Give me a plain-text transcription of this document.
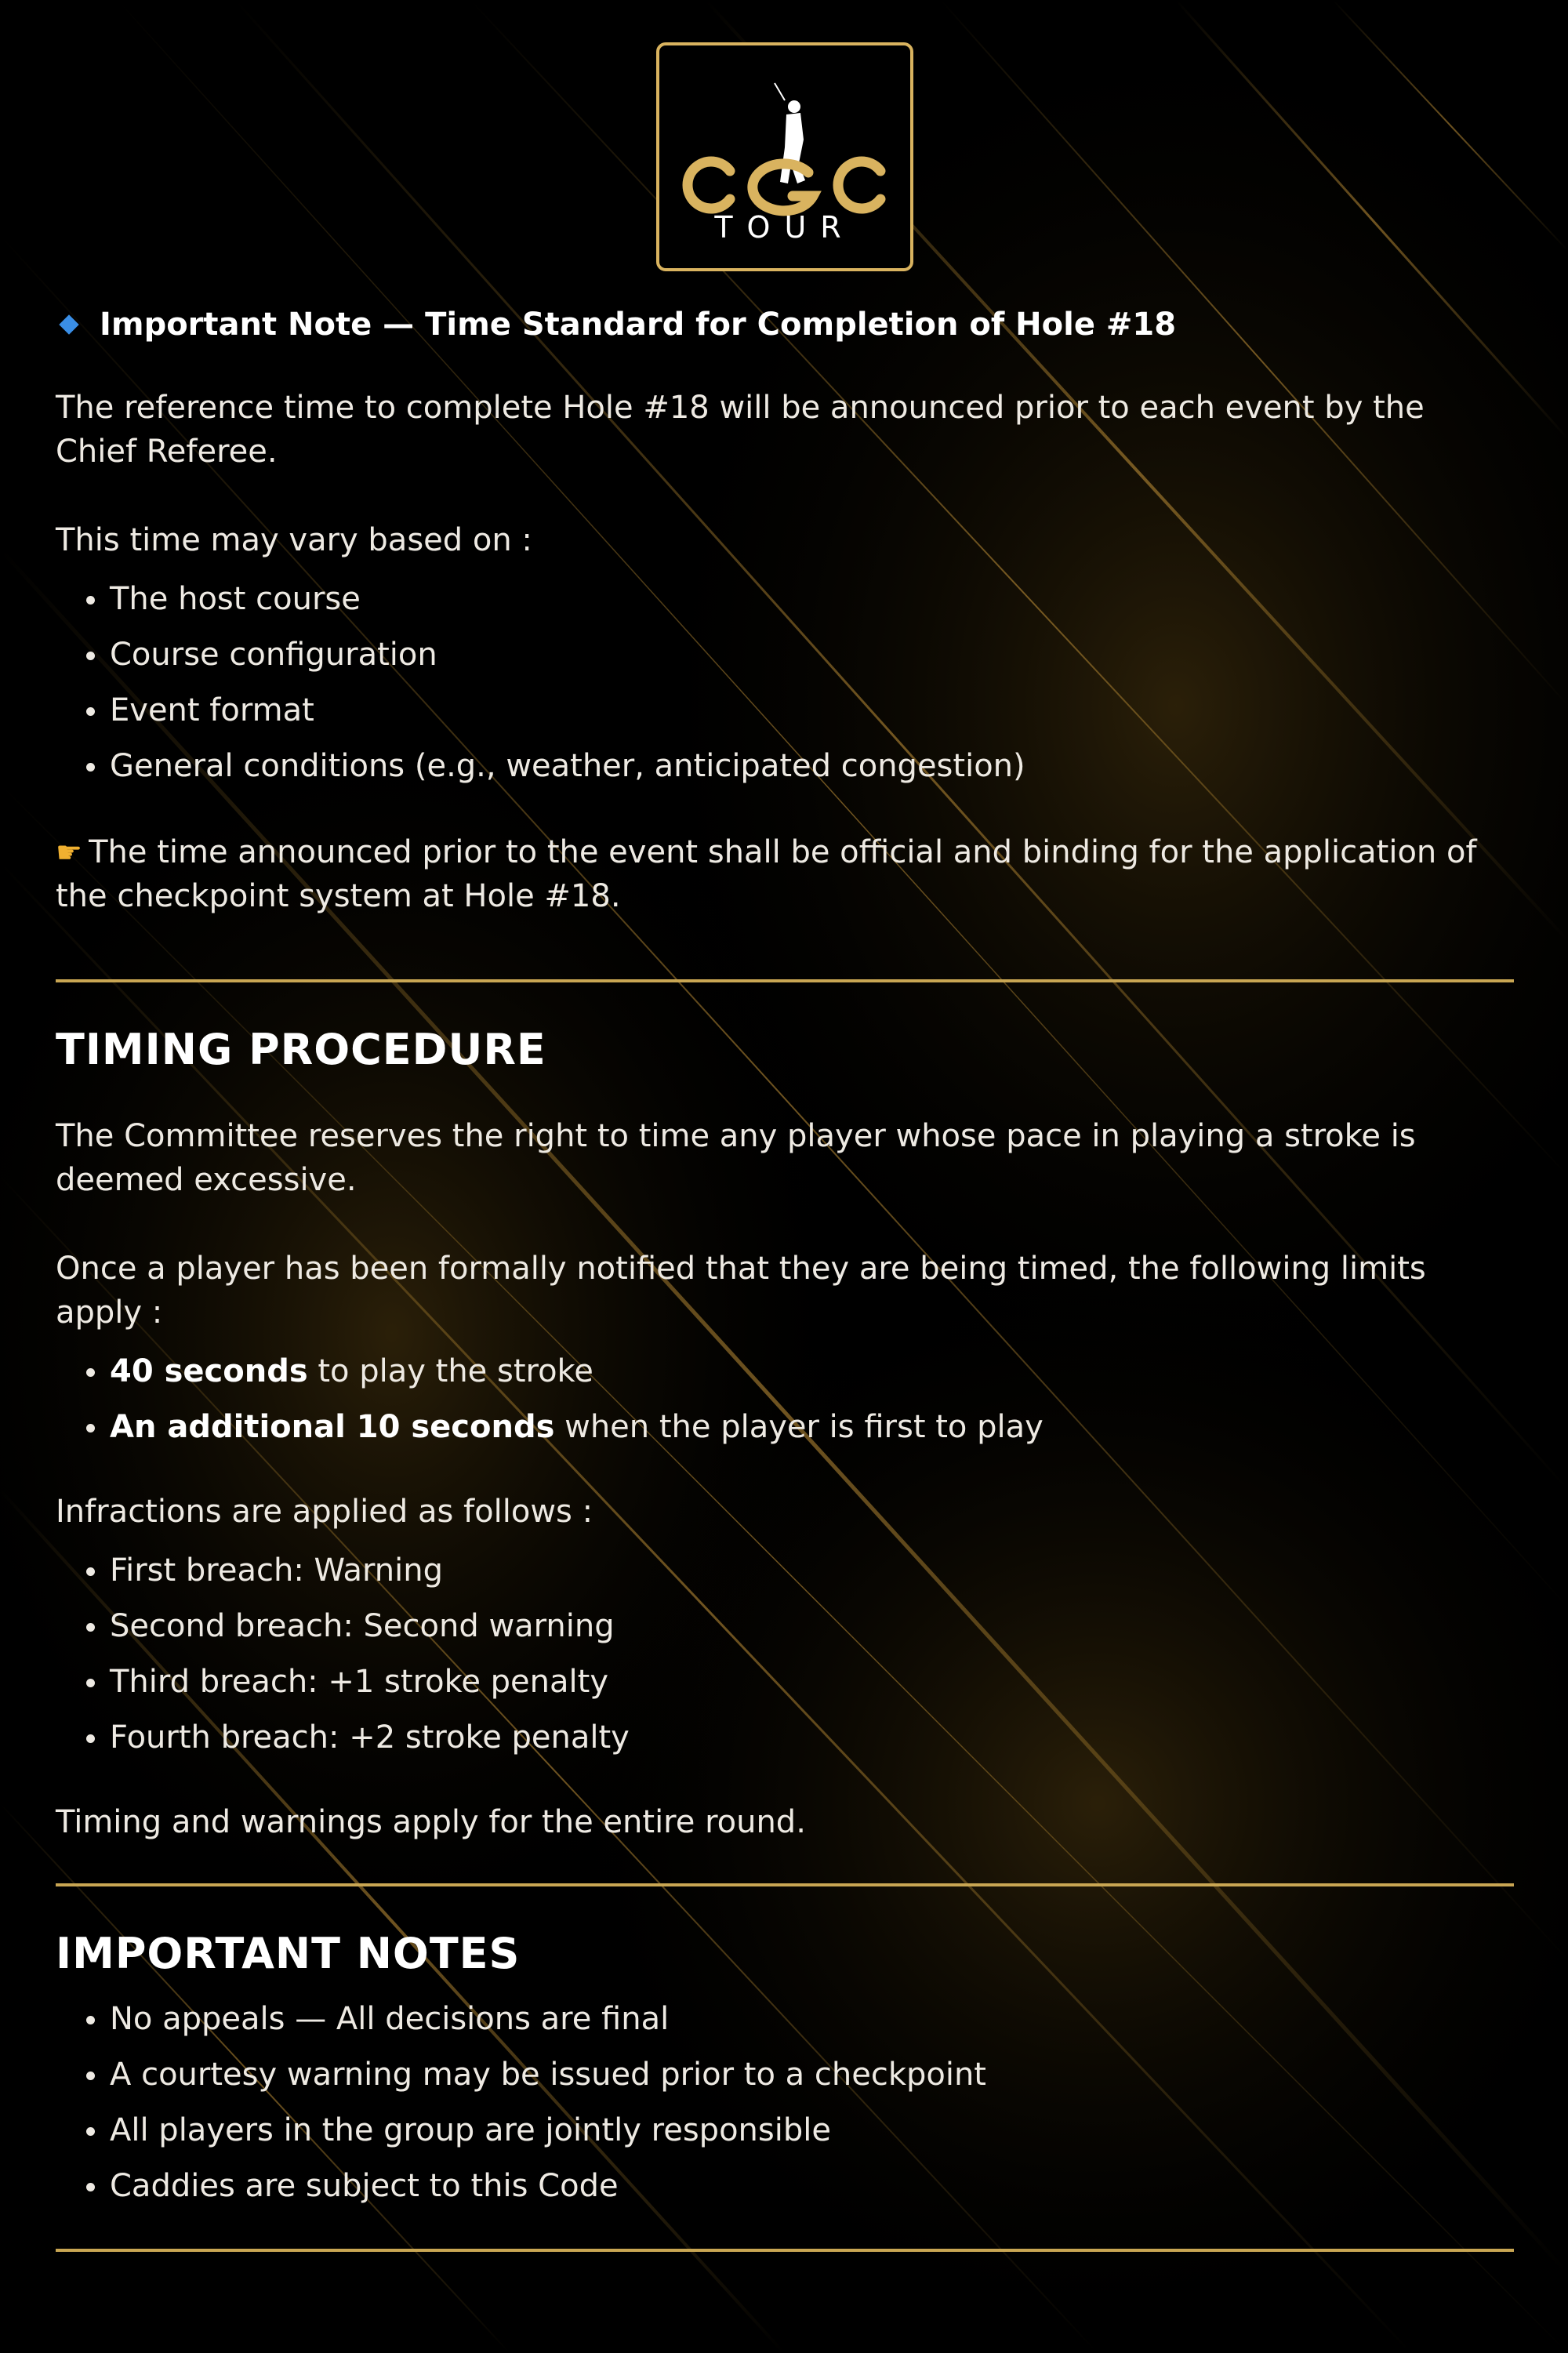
TOUR
Important Note — Time Standard for Completion of Hole #18

The reference time to complete Hole #18 will be announced prior to each event by the Chief Referee.

This time may vary based on :

The host course
Course configuration
Event format
General conditions (e.g., weather, anticipated congestion)

☛ The time announced prior to the event shall be official and binding for the application of the checkpoint system at Hole #18.

TIMING PROCEDURE

The Committee reserves the right to time any player whose pace in playing a stroke is deemed excessive.

Once a player has been formally notified that they are being timed, the following limits apply :

40 seconds to play the stroke
An additional 10 seconds when the player is first to play

Infractions are applied as follows :

First breach: Warning
Second breach: Second warning
Third breach: +1 stroke penalty
Fourth breach: +2 stroke penalty

Timing and warnings apply for the entire round.

IMPORTANT NOTES
No appeals — All decisions are final
A courtesy warning may be issued prior to a checkpoint
All players in the group are jointly responsible
Caddies are subject to this Code
